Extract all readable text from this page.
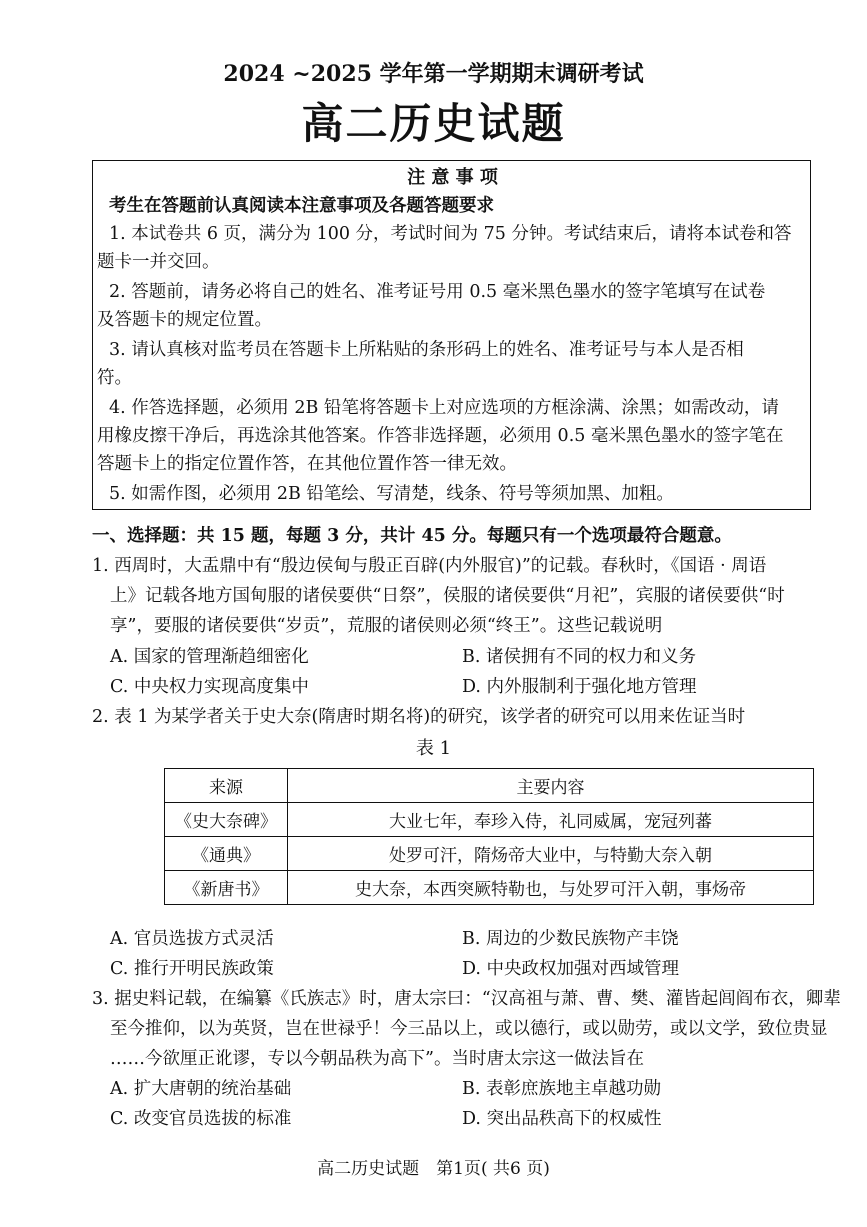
2024 ~2025 学年第一学期期末调研考试
高二历史试题
注 意 事 项
考生在答题前认真阅读本注意事项及各题答题要求
1. 本试卷共 6 页，满分为 100 分，考试时间为 75 分钟。考试结束后，请将本试卷和答
题卡一并交回。
2. 答题前，请务必将自己的姓名、准考证号用 0.5 毫米黑色墨水的签字笔填写在试卷
及答题卡的规定位置。
3. 请认真核对监考员在答题卡上所粘贴的条形码上的姓名、准考证号与本人是否相
符。
4. 作答选择题，必须用 2B 铅笔将答题卡上对应选项的方框涂满、涂黑；如需改动，请
用橡皮擦干净后，再选涂其他答案。作答非选择题，必须用 0.5 毫米黑色墨水的签字笔在
答题卡上的指定位置作答，在其他位置作答一律无效。
5. 如需作图，必须用 2B 铅笔绘、写清楚，线条、符号等须加黑、加粗。
一、选择题：共 15 题，每题 3 分，共计 45 分。每题只有一个选项最符合题意。
1. 西周时，大盂鼎中有“殷边侯甸与殷正百辟(内外服官)”的记载。春秋时，《国语 · 周语
上》记载各地方国甸服的诸侯要供“日祭”，侯服的诸侯要供“月祀”，宾服的诸侯要供“时
享”，要服的诸侯要供“岁贡”，荒服的诸侯则必须“终王”。这些记载说明
A. 国家的管理渐趋细密化	B. 诸侯拥有不同的权力和义务
C. 中央权力实现高度集中	D. 内外服制利于强化地方管理
2. 表 1 为某学者关于史大奈(隋唐时期名将)的研究，该学者的研究可以用来佐证当时
表 1
来源	主要内容
《史大奈碑》	大业七年，奉珍入侍，礼同威属，宠冠列蕃
《通典》	处罗可汗，隋炀帝大业中，与特勤大奈入朝
《新唐书》	史大奈，本西突厥特勒也，与处罗可汗入朝，事炀帝
A. 官员选拔方式灵活	B. 周边的少数民族物产丰饶
C. 推行开明民族政策	D. 中央政权加强对西域管理
3. 据史料记载，在编纂《氏族志》时，唐太宗曰：“汉高祖与萧、曹、樊、灌皆起闾阎布衣，卿辈
至今推仰，以为英贤，岂在世禄乎！今三品以上，或以德行，或以勋劳，或以文学，致位贵显
……今欲厘正讹谬，专以今朝品秩为高下”。当时唐太宗这一做法旨在
A. 扩大唐朝的统治基础	B. 表彰庶族地主卓越功勋
C. 改变官员选拔的标准	D. 突出品秩高下的权威性
高二历史试题　第1页( 共6 页)
